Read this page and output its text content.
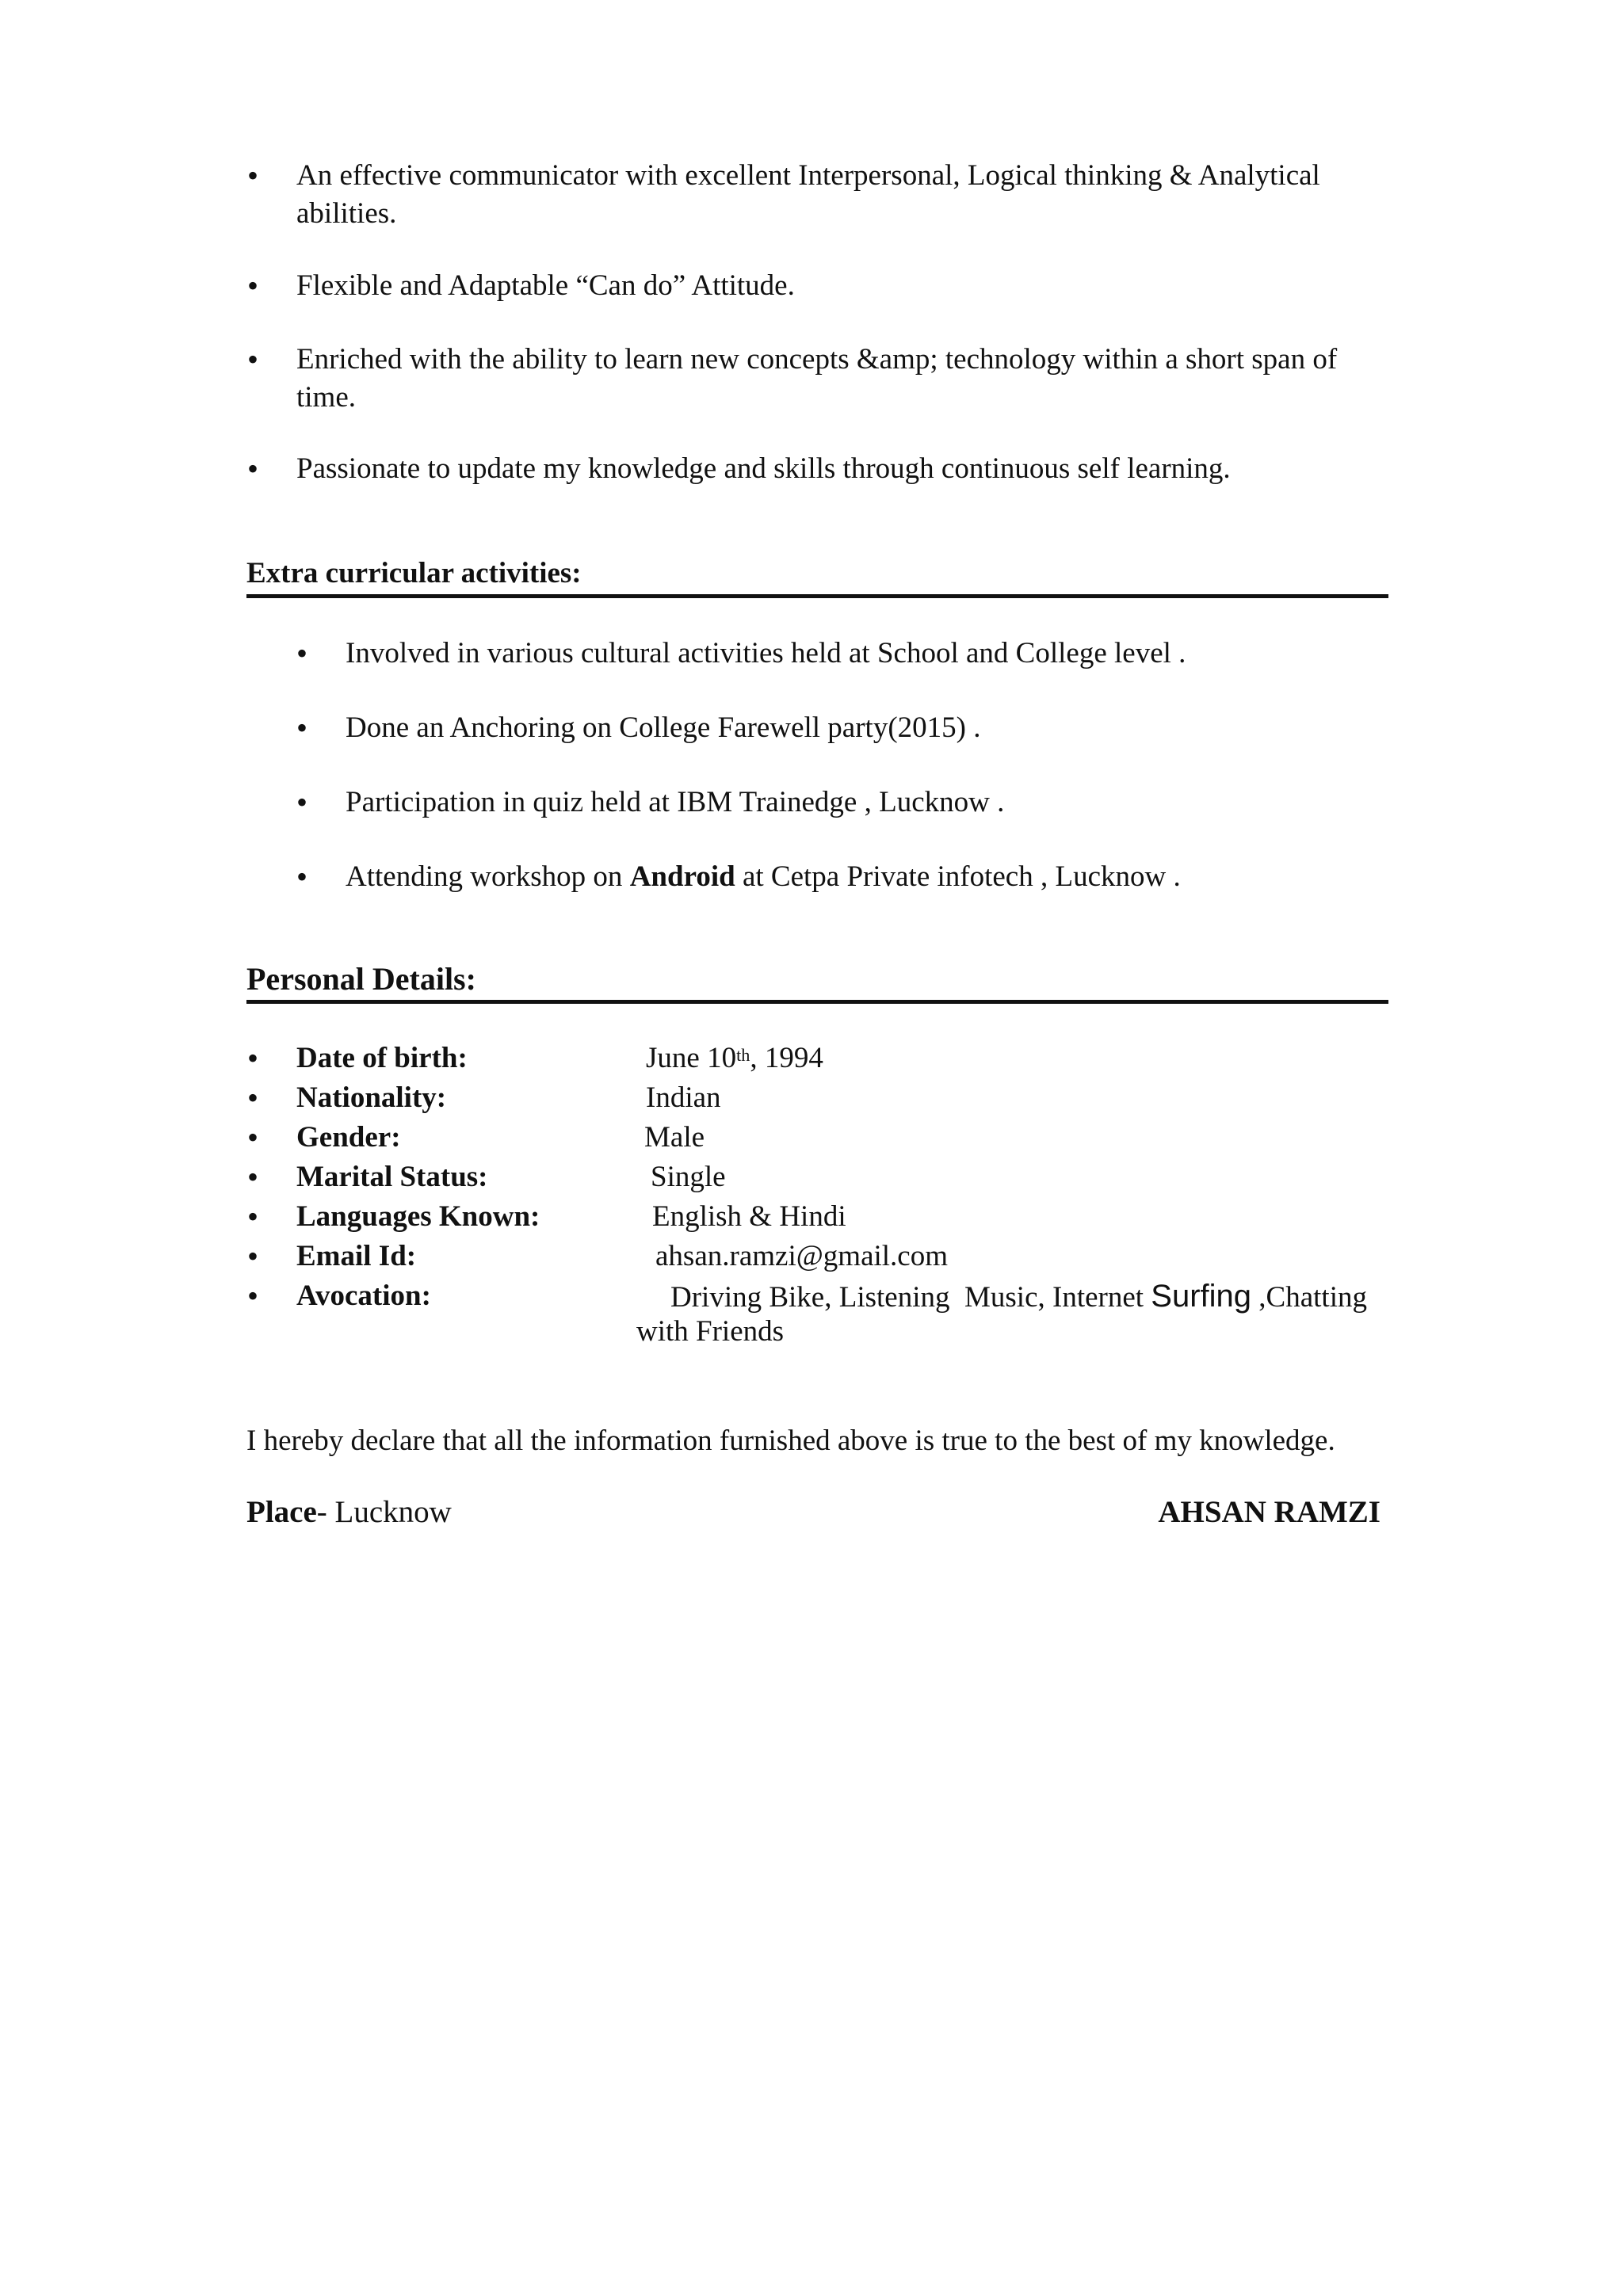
• An effective communicator with excellent Interpersonal, Logical thinking & Analytical
abilities.
• Flexible and Adaptable “Can do” Attitude.
• Enriched with the ability to learn new concepts &amp; technology within a short span of
time.
• Passionate to update my knowledge and skills through continuous self learning.
Extra curricular activities:
• Involved in various cultural activities held at School and College level .
• Done an Anchoring on College Farewell party(2015) .
• Participation in quiz held at IBM Trainedge , Lucknow .
• Attending workshop on Android at Cetpa Private infotech , Lucknow .
Personal Details:
• Date of birth:	June 10th, 1994
• Nationality:	Indian
• Gender:	Male
• Marital Status:	Single
• Languages Known:	English & Hindi
• Email Id:	ahsan.ramzi@gmail.com
• Avocation:	Driving Bike, Listening  Music, Internet Surfing ,Chatting
with Friends
I hereby declare that all the information furnished above is true to the best of my knowledge.
Place- Lucknow	AHSAN RAMZI
